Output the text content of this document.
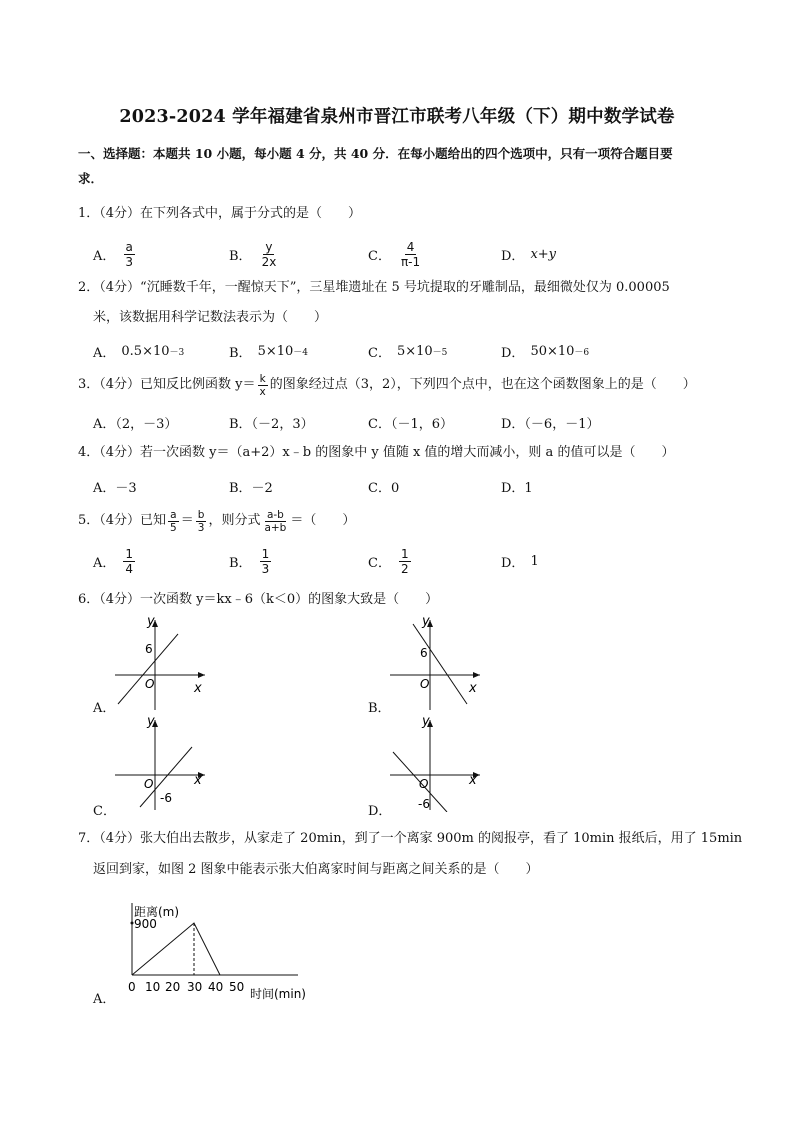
2023-2024 学年福建省泉州市晋江市联考八年级（下）期中数学试卷
一、选择题：本题共 10 小题，每小题 4 分，共 40 分．在每小题给出的四个选项中，只有一项符合题目要
求．
1．（4分）在下列各式中，属于分式的是（　　）
A． $\frac{a}{3}$	B． $\frac{y}{2x}$	C． $\frac{4}{\pi-1}$	D． x+y
2．（4分）“沉睡数千年，一醒惊天下”，三星堆遗址在 5 号坑提取的牙雕制品，最细微处仅为 0.00005
米，该数据用科学记数法表示为（　　）
A． 0.5×10 －3	B． 5×10 －4	C． 5×10 －5	D． 50×10 －6
3．（4分）已知反比例函数 $y= \frac{k}{x}$ 的图象经过点（3，2），下列四个点中，也在这个函数图象上的是（　　）
A．（2，－3）	B．（－2，3）	C．（－1，6）	D．（－6，－1）
4．（4分）若一次函数 y＝（a+2）x﹣b 的图象中 y 值随 x 值的增大而减小，则 a 的值可以是（　　）
A．－3	B．－2	C．0	D．1
5．（4分）已知 $\frac{a}{5} = \frac{b}{3}$ ，则分式 $\frac{a-b}{a+b}$ ＝（　　）
A． $\frac{1}{4}$	B． $\frac{1}{3}$	C． $\frac{1}{2}$	D． 1
6．（4分）一次函数 y＝kx﹣6（k＜0）的图象大致是（　　）
y
x
O
6
A．
y
x
O
6
B．
y
x
O
-6
C．
y
x
O
-6
D．
7．（4分）张大伯出去散步，从家走了 20min，到了一个离家 900m 的阅报亭，看了 10min 报纸后，用了 15min
返回到家，如图 2 图象中能表示张大伯离家时间与距离之间关系的是（　　）
距离(m)
900
0 10 20 30 40 50 时间(min)
A．
